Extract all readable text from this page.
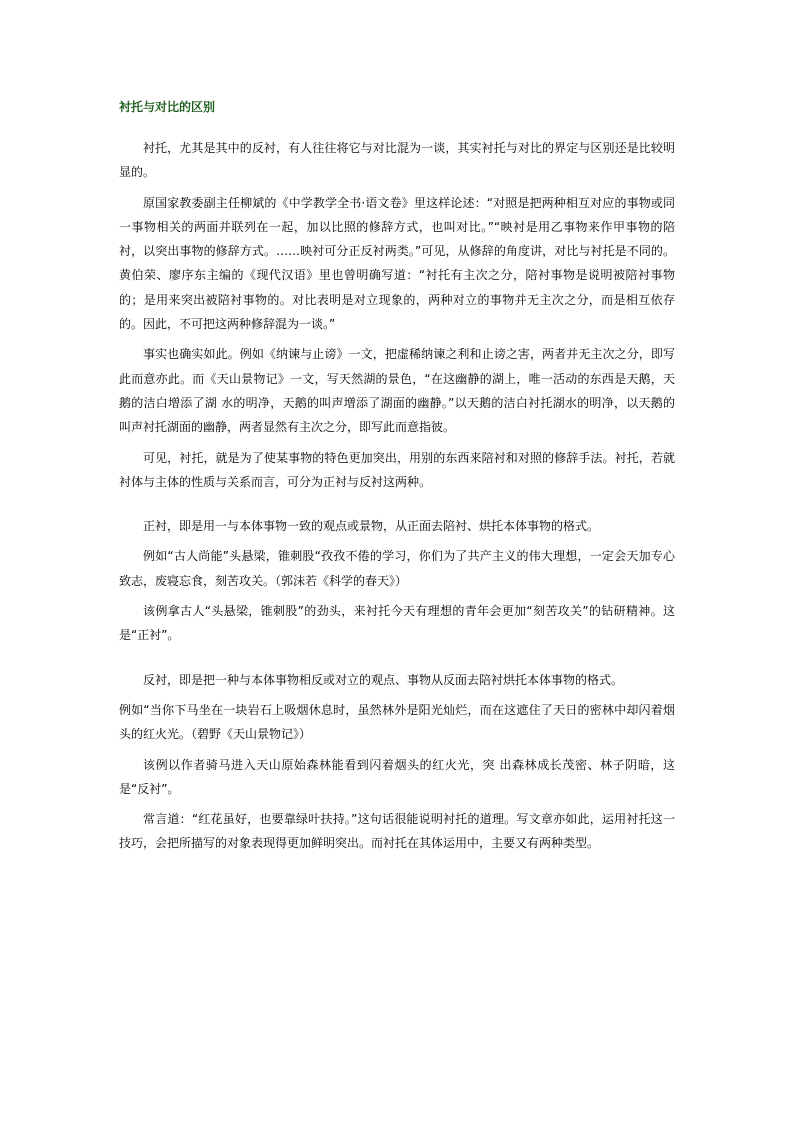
衬托与对比的区别

衬托，尤其是其中的反衬，有人往往将它与对比混为一谈，其实衬托与对比的界定与区别还是比较明显的。

原国家教委副主任柳斌的《中学教学全书·语文卷》里这样论述：“对照是把两种相互对应的事物或同一事物相关的两面并联列在一起，加以比照的修辞方式，也叫对比。”“映衬是用乙事物来作甲事物的陪衬，以突出事物的修辞方式。……映衬可分正反衬两类。”可见，从修辞的角度讲，对比与衬托是不同的。黄伯荣、廖序东主编的《现代汉语》里也曾明确写道：“衬托有主次之分，陪衬事物是说明被陪衬事物的；是用来突出被陪衬事物的。对比表明是对立现象的，两种对立的事物并无主次之分，而是相互依存的。因此，不可把这两种修辞混为一谈。”

事实也确实如此。例如《纳谏与止谤》一文，把虚稀纳谏之利和止谤之害，两者并无主次之分，即写此而意亦此。而《天山景物记》一文，写天然湖的景色，“在这幽静的湖上，唯一活动的东西是天鹅，天鹅的洁白增添了湖 水的明净，天鹅的叫声增添了湖面的幽静。”以天鹅的洁白衬托湖水的明净，以天鹅的叫声衬托湖面的幽静，两者显然有主次之分，即写此而意指彼。

可见，衬托，就是为了使某事物的特色更加突出，用别的东西来陪衬和对照的修辞手法。衬托，若就衬体与主体的性质与关系而言，可分为正衬与反衬这两种。

正衬，即是用一与本体事物一致的观点或景物，从正面去陪衬、烘托本体事物的格式。

例如“古人尚能”头悬梁，锥刺股“孜孜不倦的学习，你们为了共产主义的伟大理想，一定会天加专心致志，废寝忘食，刻苦攻关。（郭沫若《科学的春天》）

该例拿古人“头悬梁，锥刺股”的劲头，来衬托今天有理想的青年会更加“刻苦攻关”的钻研精神。这是“正衬”。

反衬，即是把一种与本体事物相反或对立的观点、事物从反面去陪衬烘托本体事物的格式。

例如“当你下马坐在一块岩石上吸烟休息时，虽然林外是阳光灿烂，而在这遮住了天日的密林中却闪着烟头的红火光。（碧野《天山景物记》）

该例以作者骑马进入天山原始森林能看到闪着烟头的红火光，突 出森林成长茂密、林子阴暗，这是“反衬”。

常言道：“红花虽好，也要靠绿叶扶持。”这句话很能说明衬托的道理。写文章亦如此，运用衬托这一技巧，会把所描写的对象表现得更加鲜明突出。而衬托在其体运用中，主要又有两种类型。
